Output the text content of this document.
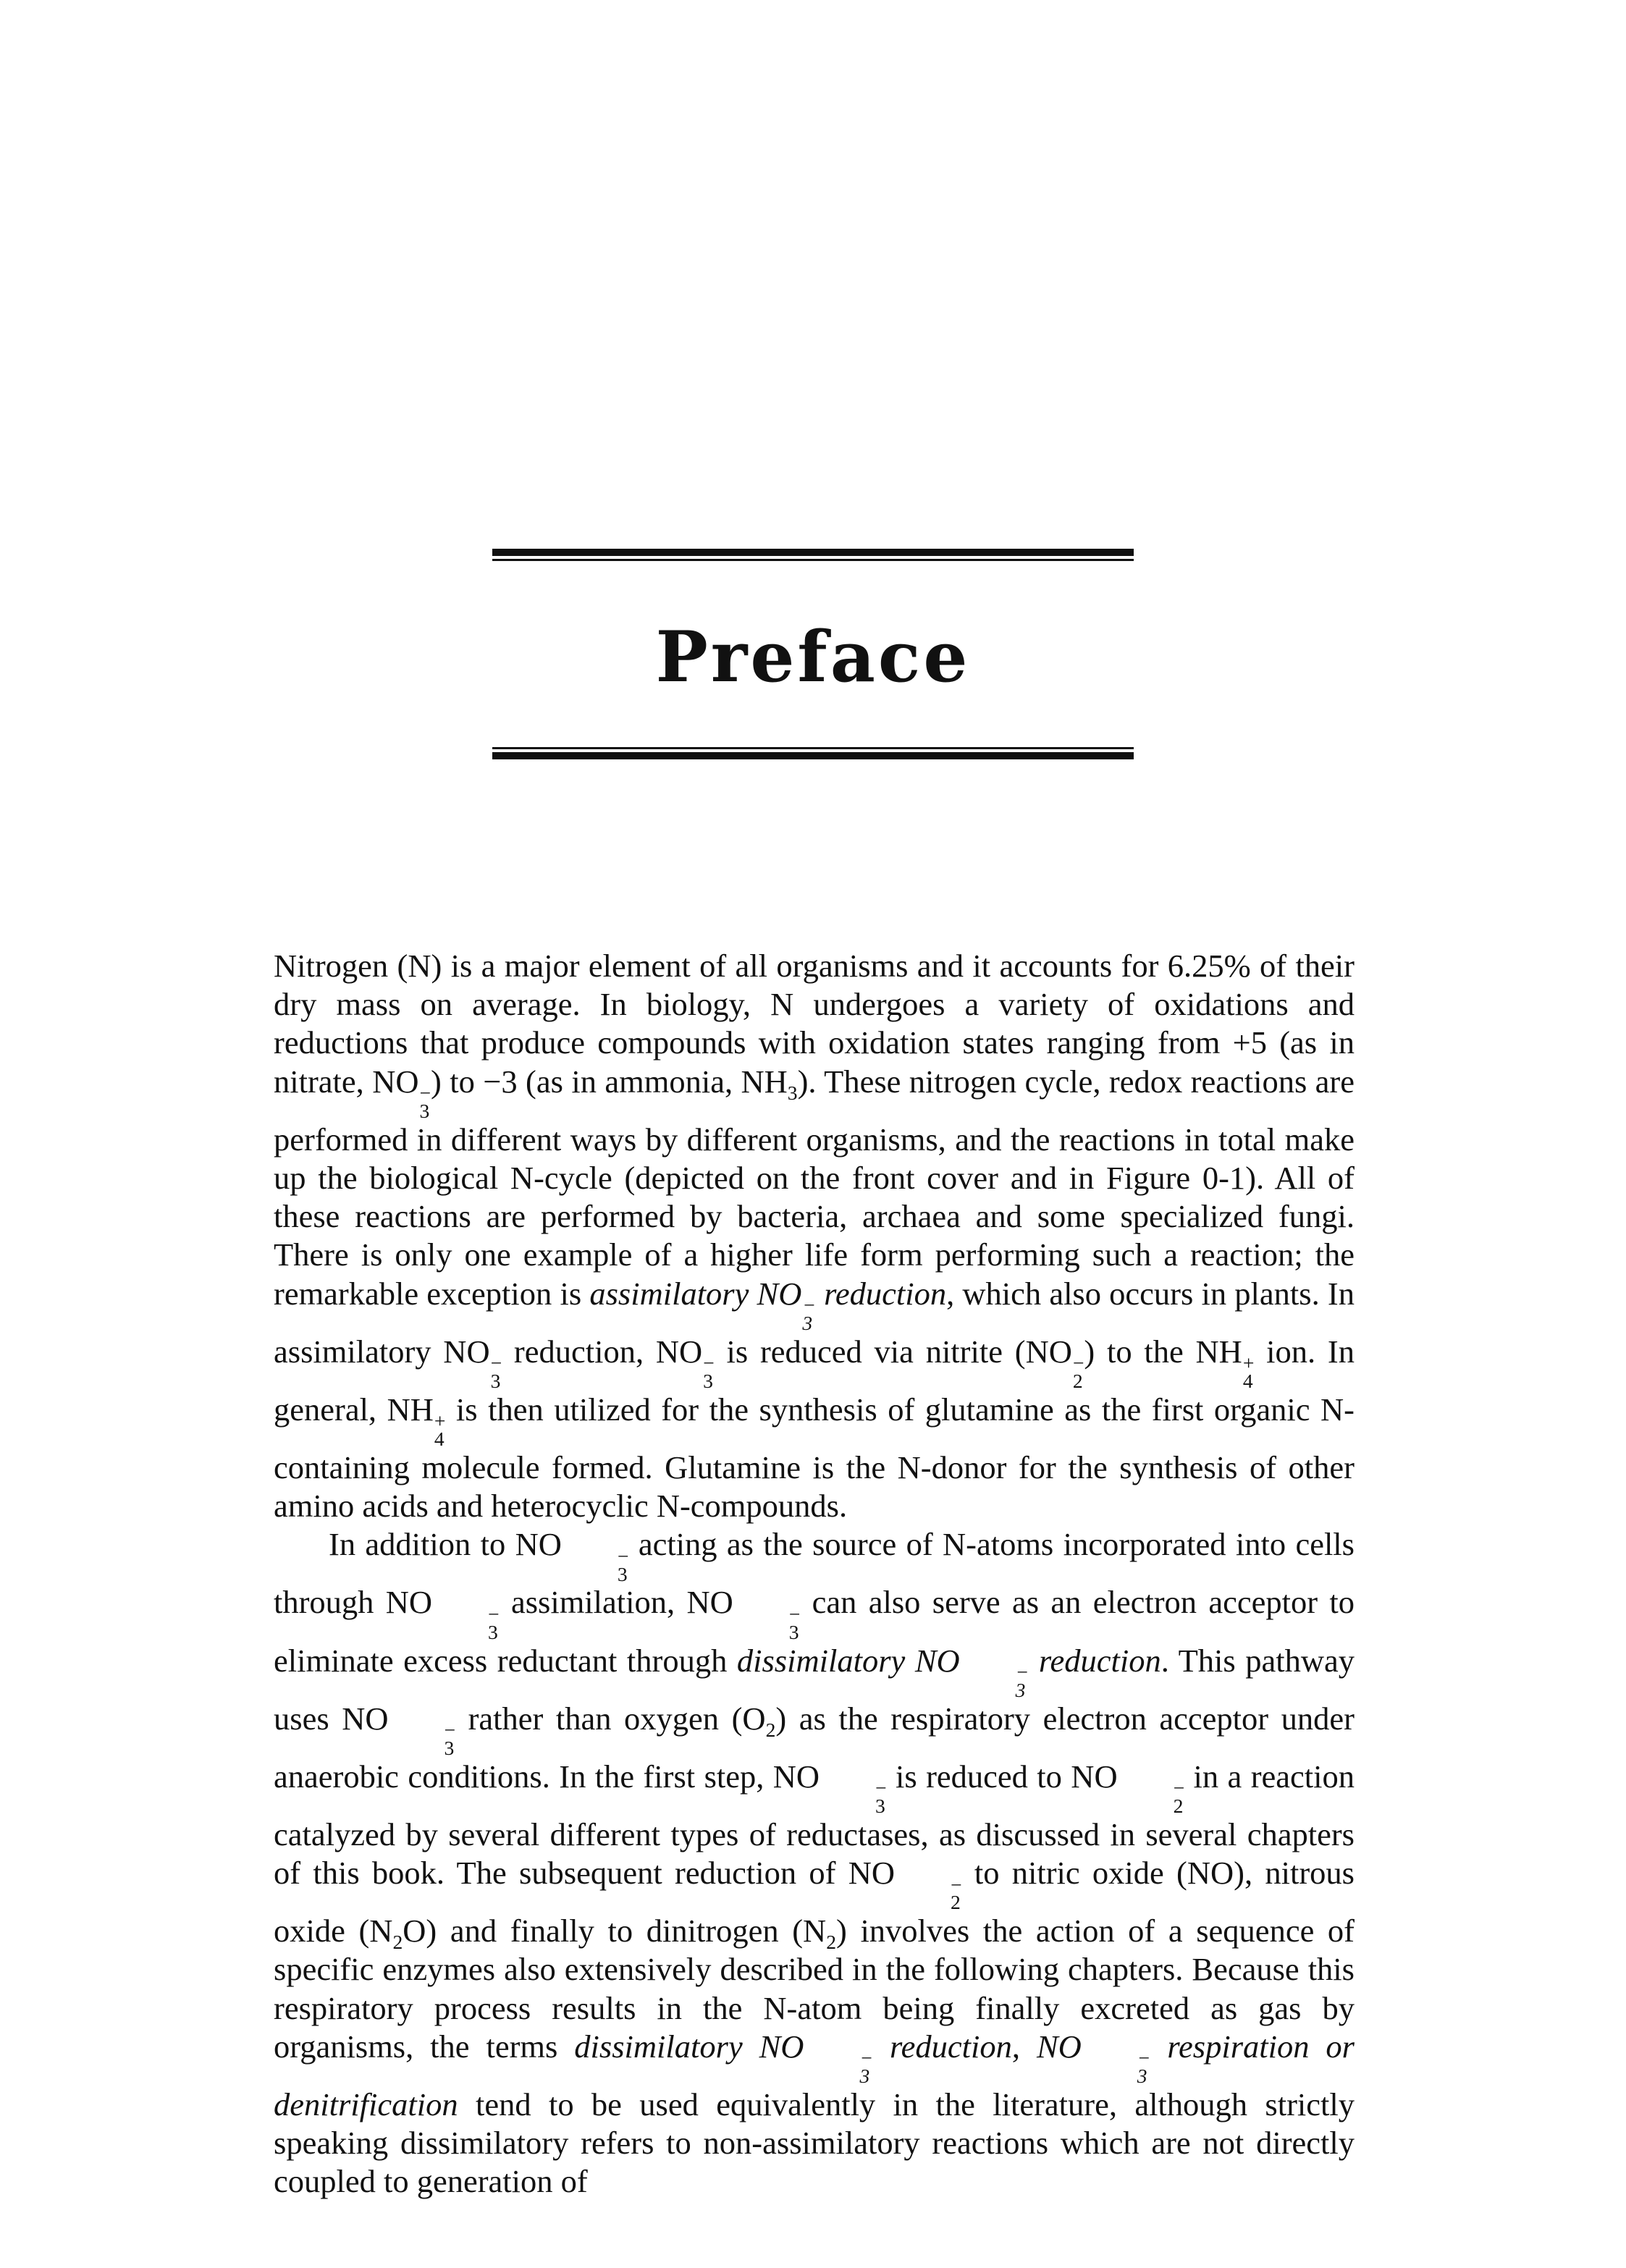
Preface

Nitrogen (N) is a major element of all organisms and it accounts for 6.25% of their dry mass on average. In biology, N undergoes a variety of oxidations and reductions that produce compounds with oxidation states ranging from +5 (as in nitrate, NO −
3
) to −3 (as in ammonia, $NH_3$). These nitrogen cycle, redox reactions are performed in different ways by different organisms, and the reactions in total make up the biological N-cycle (depicted on the front cover and in Figure 0-1). All of these reactions are performed by bacteria, archaea and some specialized fungi. There is only one example of a higher life form performing such a reaction; the remarkable exception is assimilatory NO −
3
reduction, which also occurs in plants. In assimilatory NO −
3
reduction, NO −
3
is reduced via nitrite (NO −
2
) to the NH +
4
ion. In general, NH +
4
is then utilized for the synthesis of glutamine as the first organic N-containing molecule formed. Glutamine is the N-donor for the synthesis of other amino acids and heterocyclic N-compounds.

In addition to NO	−
3
acting as the source of N-atoms incorporated into cells through NO	−
3
assimilation, NO	−
3
can also serve as an electron acceptor to eliminate excess reductant through dissimilatory NO	−
3
reduction. This pathway uses NO	−
3
rather than oxygen $(O_2)$ as the respiratory electron acceptor under anaerobic conditions. In the first step, NO	−
3
is reduced to NO	−
2
in a reaction catalyzed by several different types of reductases, as discussed in several chapters of this book. The subsequent reduction of NO	−
2
to nitric oxide (NO), nitrous oxide $(N_2O)$ and finally to dinitrogen $(N_2)$ involves the action of a sequence of specific enzymes also extensively described in the following chapters. Because this respiratory process results in the N-atom being finally excreted as gas by organisms, the terms dissimilatory NO	−
3
reduction, NO	−
3
respiration or denitrification tend to be used equivalently in the literature, although strictly speaking dissimilatory refers to non-assimilatory reactions which are not directly coupled to generation of
